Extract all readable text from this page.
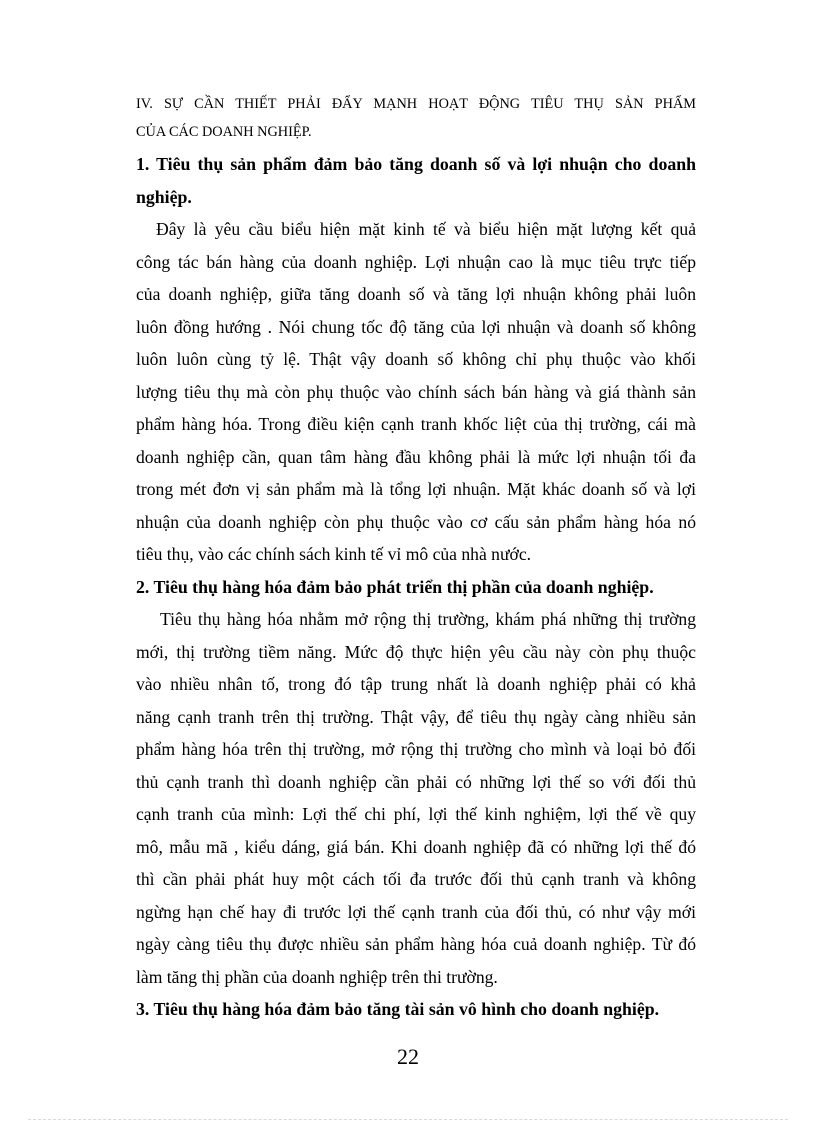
IV. SỰ CẦN THIẾT PHẢI ĐẨY MẠNH HOẠT ĐỘNG TIÊU THỤ SẢN PHẨM
CỦA CÁC DOANH NGHIỆP.
1. Tiêu thụ sản phẩm đảm bảo tăng doanh số và lợi nhuận cho doanh
nghiệp.
Đây là yêu cầu biểu hiện mặt kinh tế và biểu hiện mặt lượng kết quả
công tác bán hàng của doanh nghiệp. Lợi nhuận cao là mục tiêu trực tiếp
của doanh nghiệp, giữa tăng doanh số và tăng lợi nhuận không phải luôn
luôn đồng hướng . Nói chung tốc độ tăng của lợi nhuận và doanh số không
luôn luôn cùng tỷ lệ. Thật vậy doanh số không chỉ phụ thuộc vào khối
lượng tiêu thụ mà còn phụ thuộc vào chính sách bán hàng và giá thành sản
phẩm hàng hóa. Trong điều kiện cạnh tranh khốc liệt của thị trường, cái mà
doanh nghiệp cần, quan tâm hàng đầu không phải là mức lợi nhuận tối đa
trong mét đơn vị sản phẩm mà là tổng lợi nhuận. Mặt khác doanh số và lợi
nhuận của doanh nghiệp còn phụ thuộc vào cơ cấu sản phẩm hàng hóa nó
tiêu thụ, vào các chính sách kinh tế vỉ mô của nhà nước.
2. Tiêu thụ hàng hóa đảm bảo phát triển thị phần của doanh nghiệp.
Tiêu thụ hàng hóa nhằm mở rộng thị trường, khám phá những thị trường
mới, thị trường tiềm năng. Mức độ thực hiện yêu cầu này còn phụ thuộc
vào nhiều nhân tố, trong đó tập trung nhất là doanh nghiệp phải có khả
năng cạnh tranh trên thị trường. Thật vậy, để tiêu thụ ngày càng nhiều sản
phẩm hàng hóa trên thị trường, mở rộng thị trường cho mình và loại bỏ đối
thủ cạnh tranh thì doanh nghiệp cần phải có những lợi thế so với đối thủ
cạnh tranh của mình: Lợi thế chi phí, lợi thế kinh nghiệm, lợi thế về quy
mô, mẫu mã , kiểu dáng, giá bán. Khi doanh nghiệp đã có những lợi thế đó
thì cần phải phát huy một cách tối đa trước đối thủ cạnh tranh và không
ngừng hạn chế hay đi trước lợi thế cạnh tranh của đối thủ, có như vậy mới
ngày càng tiêu thụ được nhiều sản phẩm hàng hóa cuả doanh nghiệp. Từ đó
làm tăng thị phần của doanh nghiệp trên thi trường.
3. Tiêu thụ hàng hóa đảm bảo tăng tài sản vô hình cho doanh nghiệp.
22
